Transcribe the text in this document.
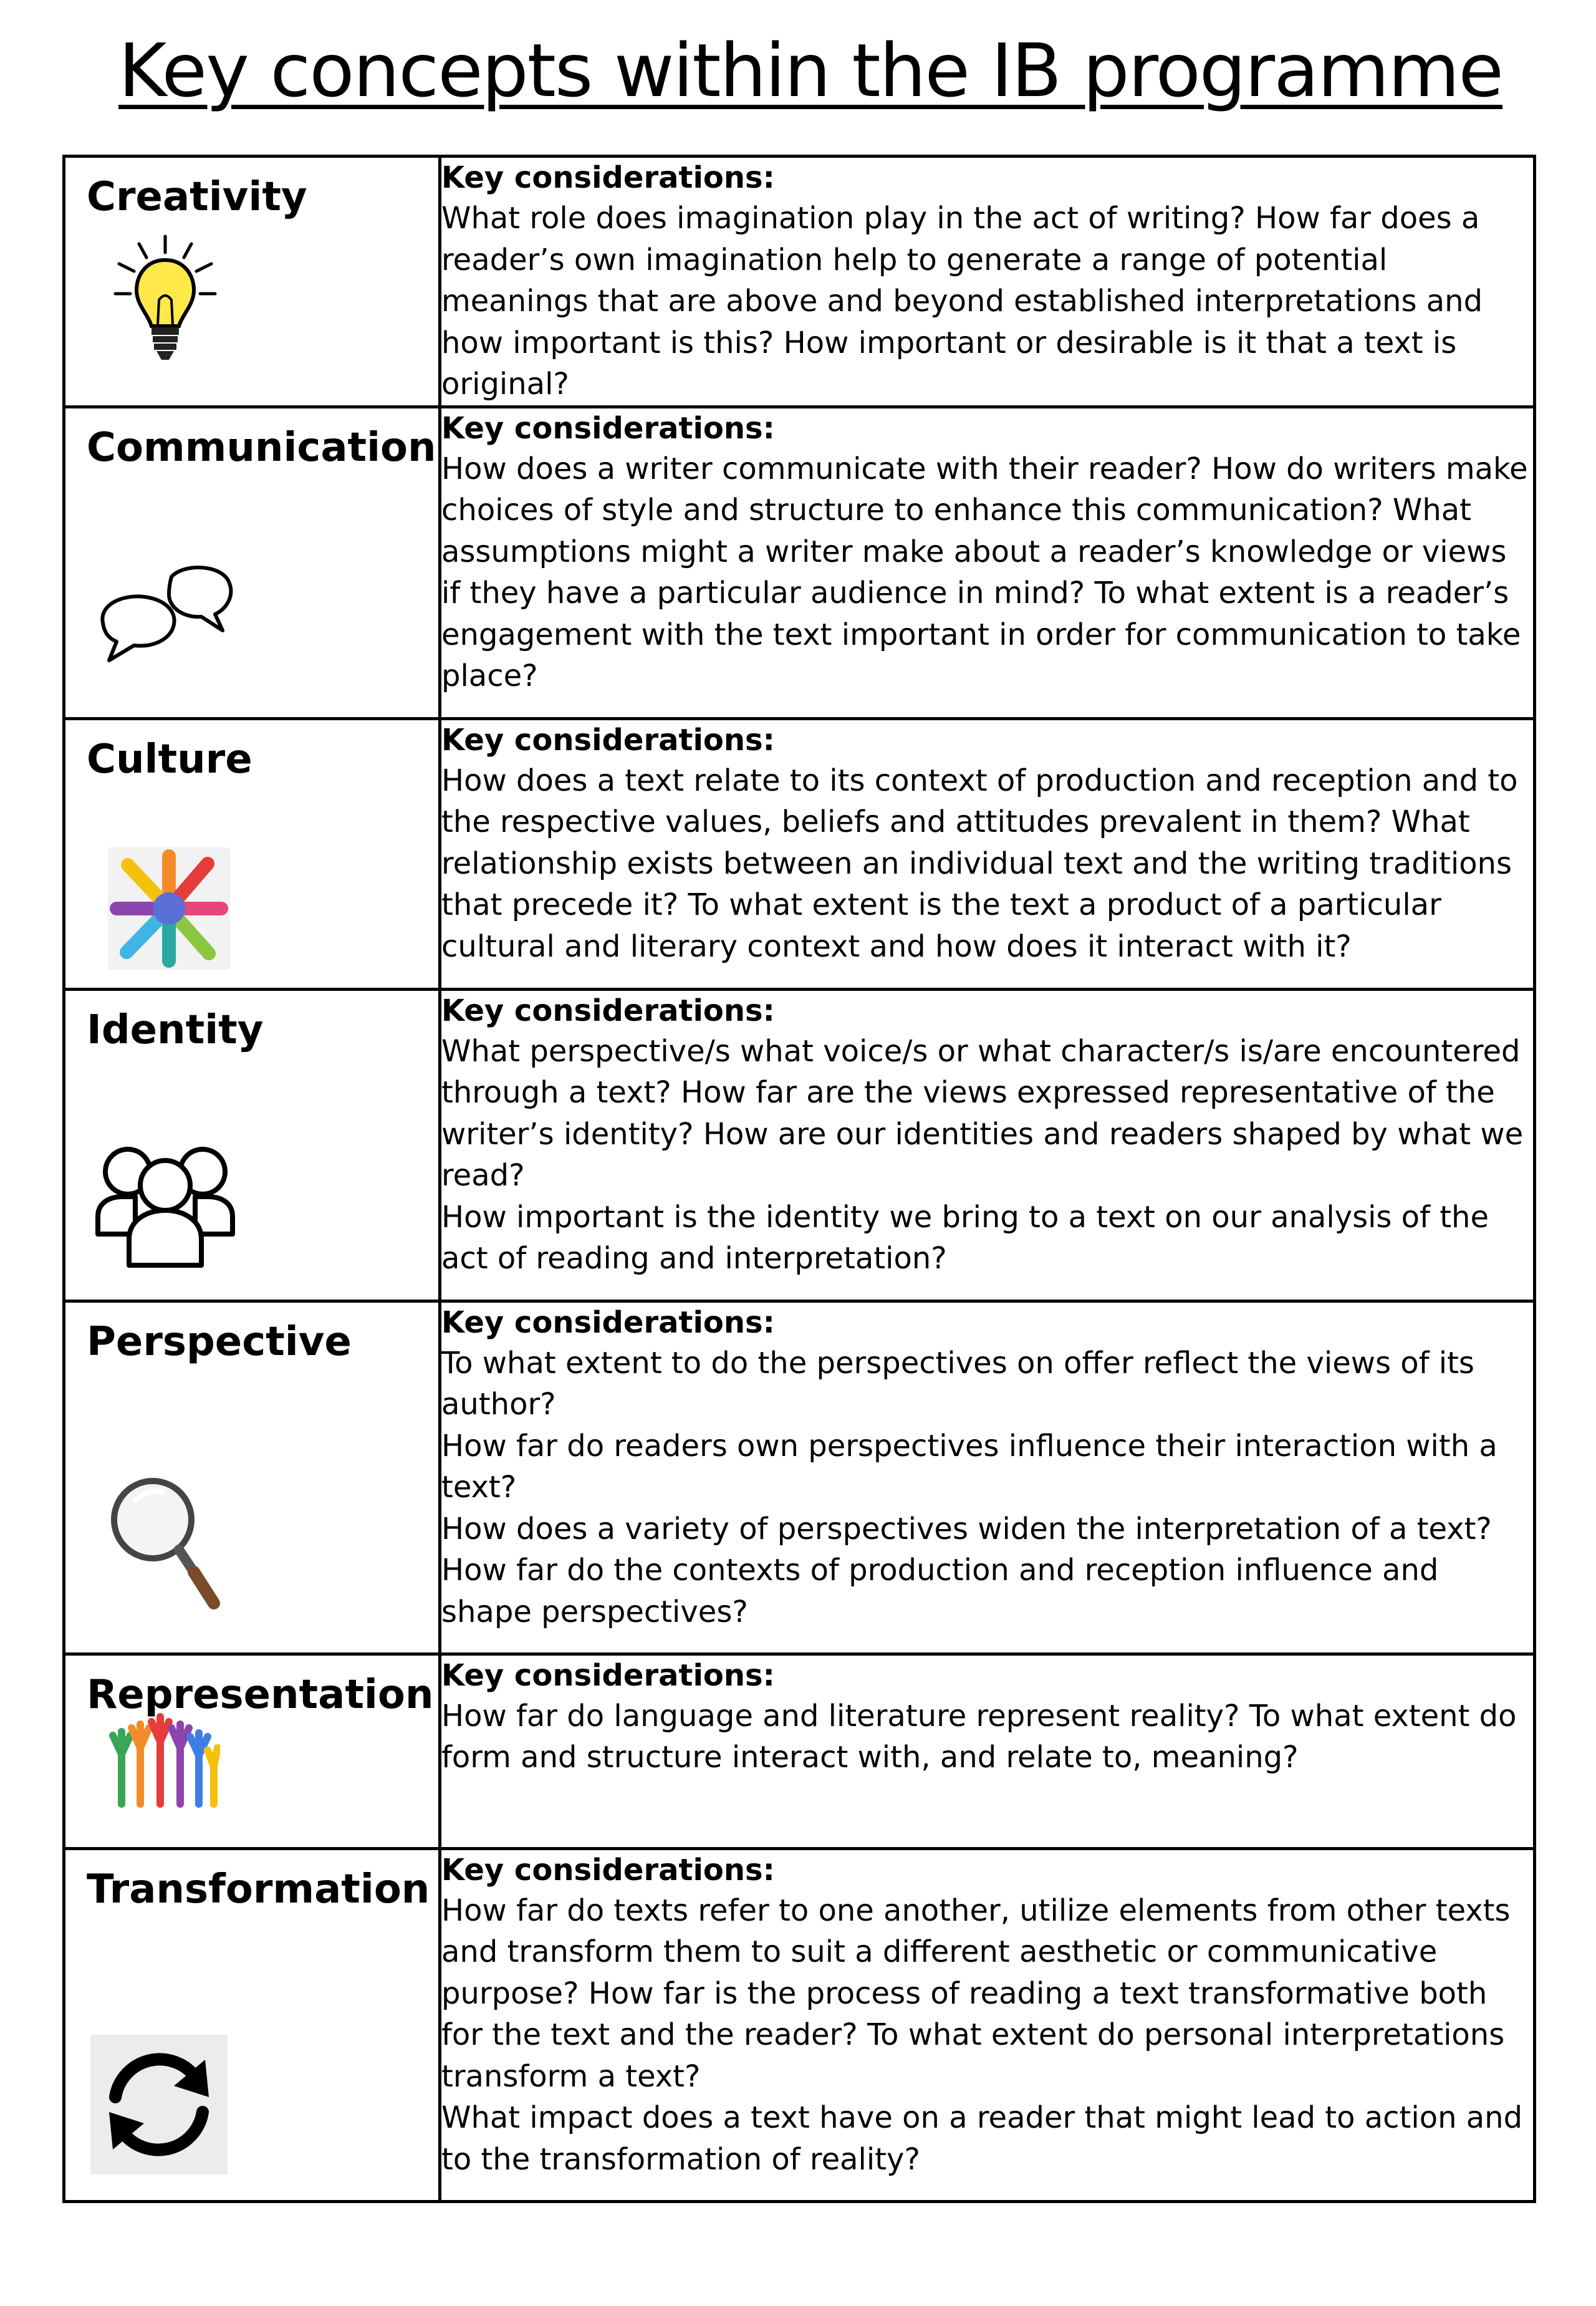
Key concepts within the IB programme
Creativity	Key considerations:
What role does imagination play in the act of writing? How far does a reader’s own imagination help to generate a range of potential meanings that are above and beyond established interpretations and how important is this? How important or desirable is it that a text is original?

Communication	Key considerations:
How does a writer communicate with their reader? How do writers make choices of style and structure to enhance this communication? What assumptions might a writer make about a reader’s knowledge or views if they have a particular audience in mind? To what extent is a reader’s engagement with the text important in order for communication to take place?

Culture	Key considerations:
How does a text relate to its context of production and reception and to the respective values, beliefs and attitudes prevalent in them? What relationship exists between an individual text and the writing traditions that precede it? To what extent is the text a product of a particular cultural and literary context and how does it interact with it?

Identity	Key considerations:
What perspective/s what voice/s or what character/s is/are encountered through a text? How far are the views expressed representative of the writer’s identity? How are our identities and readers shaped by what we read?
How important is the identity we bring to a text on our analysis of the act of reading and interpretation?

Perspective	Key considerations:
To what extent to do the perspectives on offer reflect the views of its author?
How far do readers own perspectives influence their interaction with a text?
How does a variety of perspectives widen the interpretation of a text? How far do the contexts of production and reception influence and shape perspectives?

Representation	Key considerations:
How far do language and literature represent reality? To what extent do form and structure interact with, and relate to, meaning?

Transformation	Key considerations:
How far do texts refer to one another, utilize elements from other texts and transform them to suit a different aesthetic or communicative purpose? How far is the process of reading a text transformative both for the text and the reader? To what extent do personal interpretations transform a text?
What impact does a text have on a reader that might lead to action and to the transformation of reality?
